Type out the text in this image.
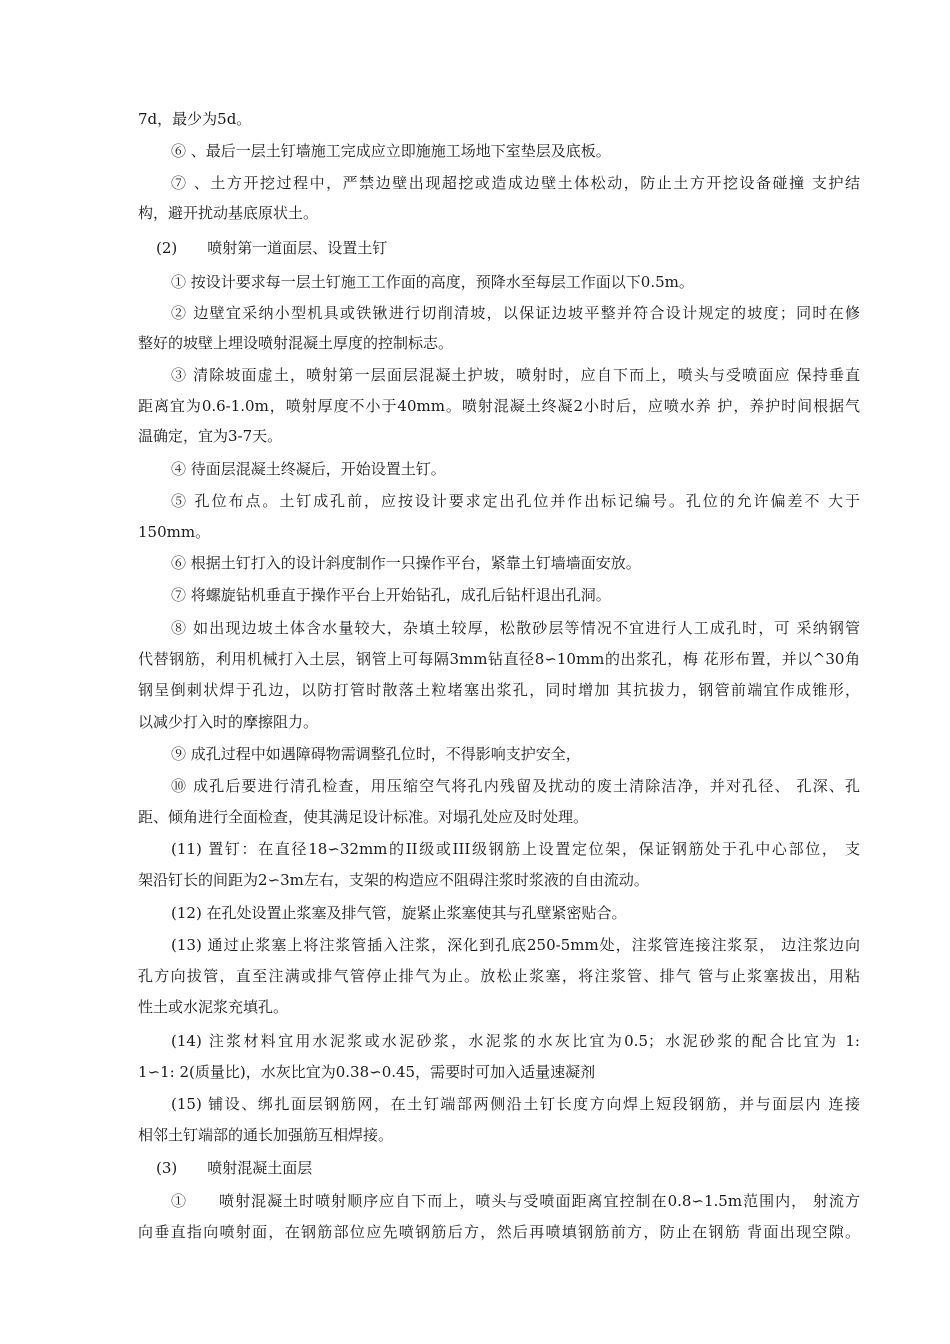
7d，最少为5d。
⑥ 、最后一层土钉墙施工完成应立即施施工场地下室垫层及底板。
⑦ 、土方开挖过程中，严禁边壁出现超挖或造成边壁土体松动，防止土方开挖设备碰撞 支护结
构，避开扰动基底原状土。
(2)　　喷射第一道面层、设置土钉
① 按设计要求每一层土钉施工工作面的高度，预降水至每层工作面以下0.5m。
② 边壁宜采纳小型机具或铁锹进行切削清坡，以保证边坡平整并符合设计规定的坡度；同时在修
整好的坡壁上埋设喷射混凝土厚度的控制标志。
③ 清除坡面虚土，喷射第一层面层混凝土护坡，喷射时，应自下而上，喷头与受喷面应 保持垂直
距离宜为0.6-1.0m，喷射厚度不小于40mm。喷射混凝土终凝2小时后，应喷水养 护，养护时间根据气
温确定，宜为3-7天。
④ 待面层混凝土终凝后，开始设置土钉。
⑤ 孔位布点。土钉成孔前，应按设计要求定出孔位并作出标记编号。孔位的允许偏差不 大于
150mm。
⑥ 根据土钉打入的设计斜度制作一只操作平台，紧靠土钉墙墙面安放。
⑦ 将螺旋钻机垂直于操作平台上开始钻孔，成孔后钻杆退出孔洞。
⑧ 如出现边坡土体含水量较大，杂填土较厚，松散砂层等情况不宜进行人工成孔时，可 采纳钢管
代替钢筋，利用机械打入土层，钢管上可每隔3mm钻直径8∽10mm的出浆孔，梅 花形布置，并以^30角
钢呈倒刺状焊于孔边，以防打管时散落土粒堵塞出浆孔，同时增加 其抗拔力，钢管前端宜作成锥形，
以减少打入时的摩擦阻力。
⑨ 成孔过程中如遇障碍物需调整孔位时，不得影响支护安全，
⑩ 成孔后要进行清孔检查，用压缩空气将孔内残留及扰动的废土清除洁净，并对孔径、 孔深、孔
距、倾角进行全面检查，使其满足设计标准。对塌孔处应及时处理。
(11) 置钉：在直径18∽32mm的II级或III级钢筋上设置定位架，保证钢筋处于孔中心部位， 支
架沿钉长的间距为2∽3m左右，支架的构造应不阻碍注浆时浆液的自由流动。
(12) 在孔处设置止浆塞及排气管，旋紧止浆塞使其与孔壁紧密贴合。
(13) 通过止浆塞上将注浆管插入注浆，深化到孔底250-5mm处，注浆管连接注浆泵， 边注浆边向
孔方向拔管，直至注满或排气管停止排气为止。放松止浆塞，将注浆管、排气 管与止浆塞拔出，用粘
性土或水泥浆充填孔。
(14) 注浆材料宜用水泥浆或水泥砂浆，水泥浆的水灰比宜为0.5；水泥砂浆的配合比宜为 1:
1∽1: 2(质量比)，水灰比宜为0.38∽0.45，需要时可加入适量速凝剂
(15) 铺设、绑扎面层钢筋网，在土钉端部两侧沿土钉长度方向焊上短段钢筋，并与面层内 连接
相邻土钉端部的通长加强筋互相焊接。
(3)　　喷射混凝土面层
①　　喷射混凝土时喷射顺序应自下而上，喷头与受喷面距离宜控制在0.8∽1.5m范围内， 射流方
向垂直指向喷射面，在钢筋部位应先喷钢筋后方，然后再喷填钢筋前方，防止在钢筋 背面出现空隙。
